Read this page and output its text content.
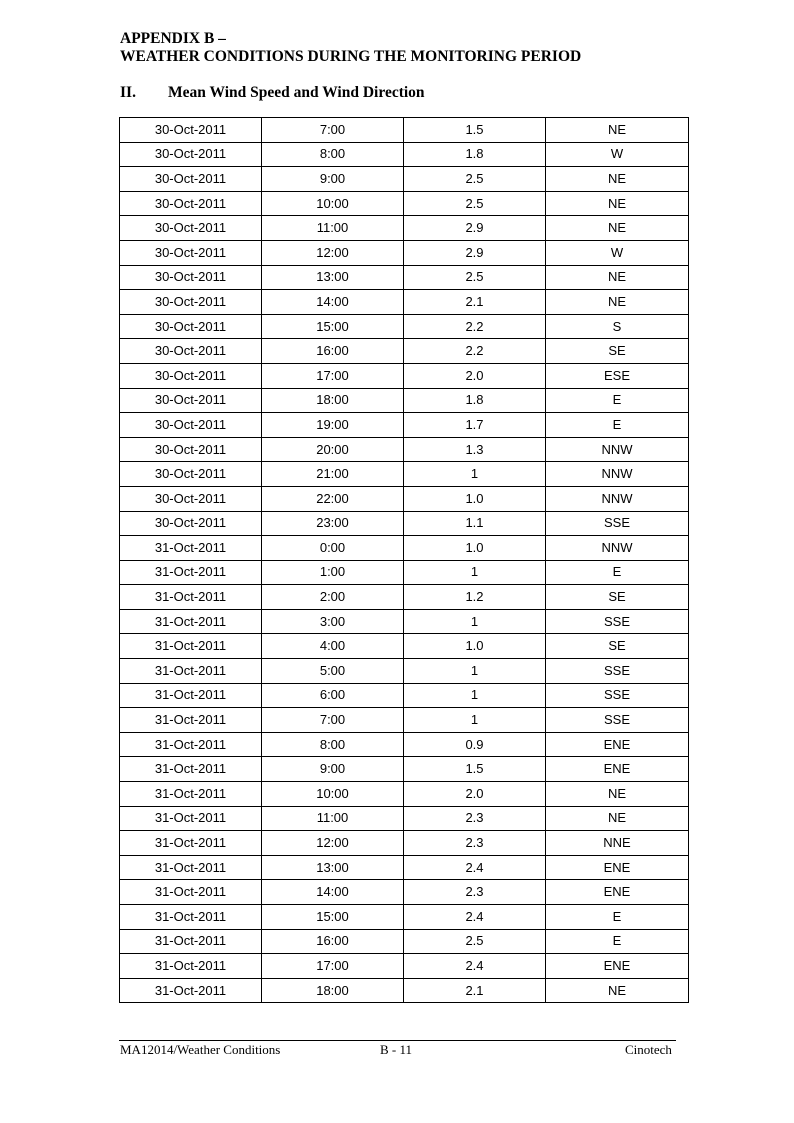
APPENDIX B –
WEATHER CONDITIONS DURING THE MONITORING PERIOD
II. Mean Wind Speed and Wind Direction
30-Oct-2011	7:00	1.5	NE
30-Oct-2011	8:00	1.8	W
30-Oct-2011	9:00	2.5	NE
30-Oct-2011	10:00	2.5	NE
30-Oct-2011	11:00	2.9	NE
30-Oct-2011	12:00	2.9	W
30-Oct-2011	13:00	2.5	NE
30-Oct-2011	14:00	2.1	NE
30-Oct-2011	15:00	2.2	S
30-Oct-2011	16:00	2.2	SE
30-Oct-2011	17:00	2.0	ESE
30-Oct-2011	18:00	1.8	E
30-Oct-2011	19:00	1.7	E
30-Oct-2011	20:00	1.3	NNW
30-Oct-2011	21:00	1	NNW
30-Oct-2011	22:00	1.0	NNW
30-Oct-2011	23:00	1.1	SSE
31-Oct-2011	0:00	1.0	NNW
31-Oct-2011	1:00	1	E
31-Oct-2011	2:00	1.2	SE
31-Oct-2011	3:00	1	SSE
31-Oct-2011	4:00	1.0	SE
31-Oct-2011	5:00	1	SSE
31-Oct-2011	6:00	1	SSE
31-Oct-2011	7:00	1	SSE
31-Oct-2011	8:00	0.9	ENE
31-Oct-2011	9:00	1.5	ENE
31-Oct-2011	10:00	2.0	NE
31-Oct-2011	11:00	2.3	NE
31-Oct-2011	12:00	2.3	NNE
31-Oct-2011	13:00	2.4	ENE
31-Oct-2011	14:00	2.3	ENE
31-Oct-2011	15:00	2.4	E
31-Oct-2011	16:00	2.5	E
31-Oct-2011	17:00	2.4	ENE
31-Oct-2011	18:00	2.1	NE
MA12014/Weather Conditions	B - 11	Cinotech
